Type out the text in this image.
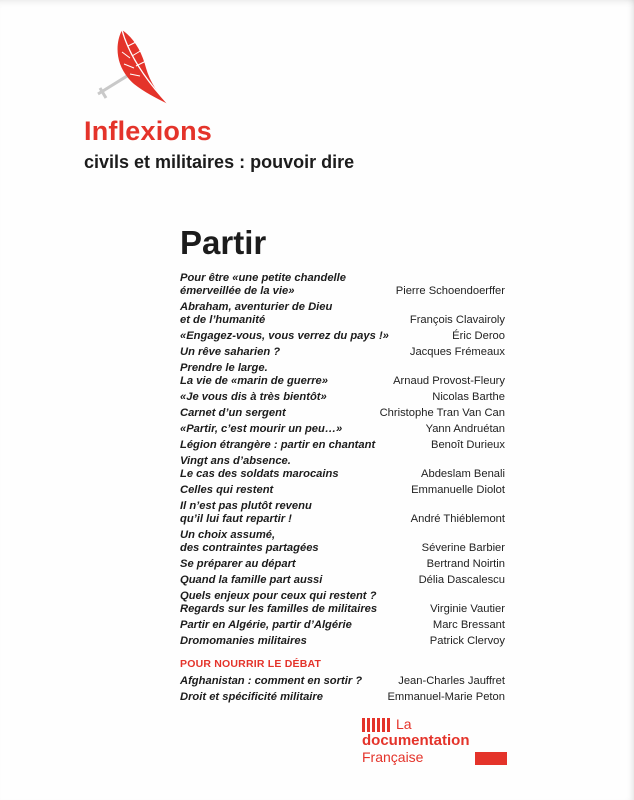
Inflexions
civils et militaires : pouvoir dire
Partir
Pour être «une petite chandelle
émerveillée de la vie»	Pierre Schoendoerffer
Abraham, aventurier de Dieu
et de l’humanité	François Clavairoly
«Engagez-vous, vous verrez du pays !»	Éric Deroo
Un rêve saharien ?	Jacques Frémeaux
Prendre le large.
La vie de «marin de guerre»	Arnaud Provost-Fleury
«Je vous dis à très bientôt»	Nicolas Barthe
Carnet d’un sergent	Christophe Tran Van Can
«Partir, c’est mourir un peu…»	Yann Andruétan
Légion étrangère : partir en chantant	Benoît Durieux
Vingt ans d’absence.
Le cas des soldats marocains	Abdeslam Benali
Celles qui restent	Emmanuelle Diolot
Il n’est pas plutôt revenu
qu’il lui faut repartir !	André Thiéblemont
Un choix assumé,
des contraintes partagées	Séverine Barbier
Se préparer au départ	Bertrand Noirtin
Quand la famille part aussi	Délia Dascalescu
Quels enjeux pour ceux qui restent ?
Regards sur les familles de militaires	Virginie Vautier
Partir en Algérie, partir d’Algérie	Marc Bressant
Dromomanies militaires	Patrick Clervoy
POUR NOURRIR LE DÉBAT
Afghanistan : comment en sortir ?	Jean-Charles Jauffret
Droit et spécificité militaire	Emmanuel-Marie Peton
La
documentation
Française
